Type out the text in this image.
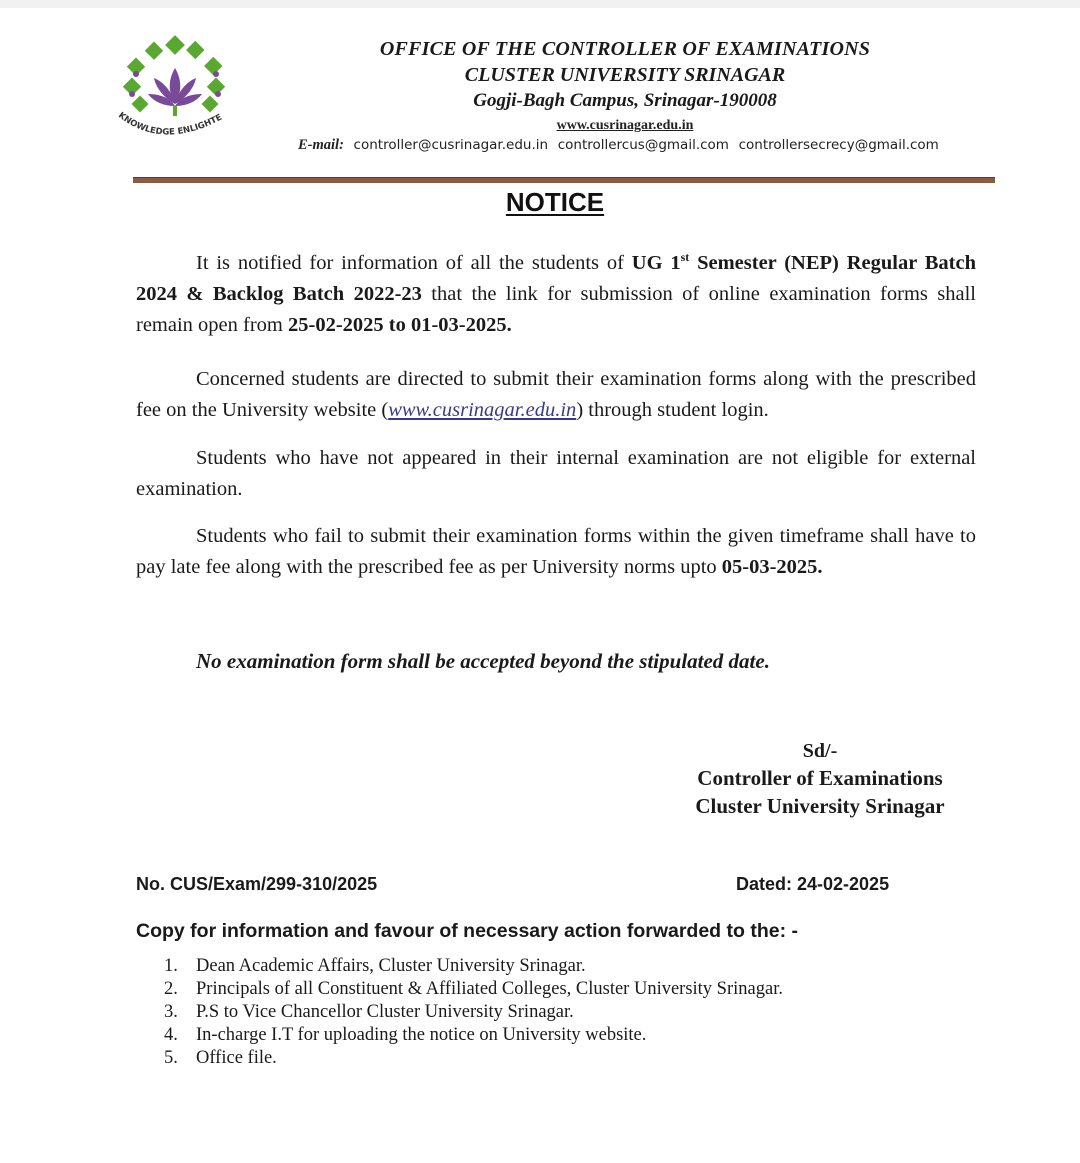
KNOWLEDGE ENLIGHTE
OFFICE OF THE CONTROLLER OF EXAMINATIONS
CLUSTER UNIVERSITY SRINAGAR
Gogji-Bagh Campus, Srinagar-190008
www.cusrinagar.edu.in
E-mail: controller@cusrinagar.edu.in controllercus@gmail.com controllersecrecy@gmail.com
NOTICE

It is notified for information of all the students of UG 1st Semester (NEP) Regular Batch 2024 & Backlog Batch 2022-23 that the link for submission of online examination forms shall remain open from 25-02-2025 to 01-03-2025.

Concerned students are directed to submit their examination forms along with the prescribed fee on the University website (www.cusrinagar.edu.in) through student login.

Students who have not appeared in their internal examination are not eligible for external examination.

Students who fail to submit their examination forms within the given timeframe shall have to pay late fee along with the prescribed fee as per University norms upto 05-03-2025.

No examination form shall be accepted beyond the stipulated date.
Sd/-
Controller of Examinations
Cluster University Srinagar
No. CUS/Exam/299-310/2025	Dated: 24-02-2025
Copy for information and favour of necessary action forwarded to the: -
1. Dean Academic Affairs, Cluster University Srinagar.
2. Principals of all Constituent & Affiliated Colleges, Cluster University Srinagar.
3. P.S to Vice Chancellor Cluster University Srinagar.
4. In-charge I.T for uploading the notice on University website.
5. Office file.
